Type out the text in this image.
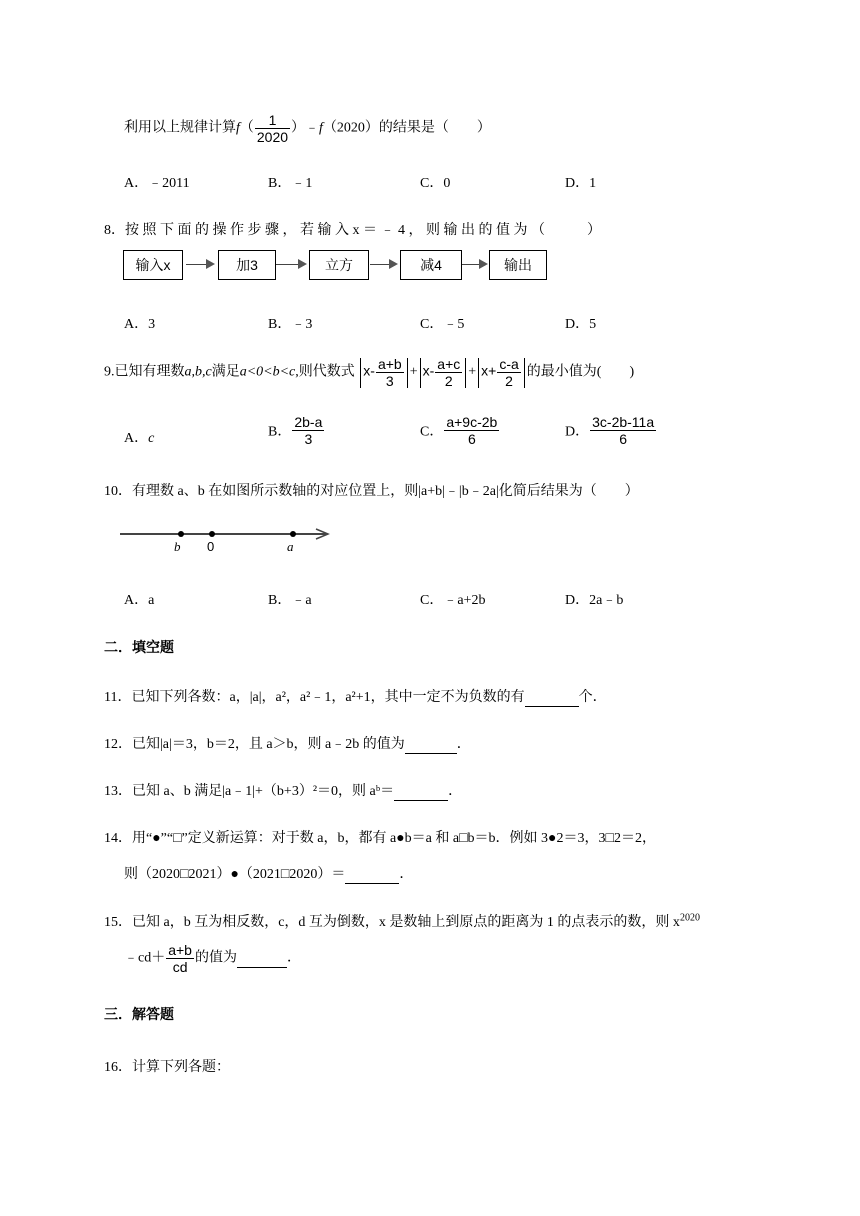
利用以上规律计算$f( \frac{1}{2020}$ ）﹣f（2020）的结果是（　　）
A．﹣2011	B．﹣1	C．0	D．1
8．按 照 下 面 的 操 作 步 骤 ， 若 输 入 x ＝ ﹣ 4 ， 则 输 出 的 值 为 （　　　）
输入x	加3	立方	减4	输出
A．3	B．﹣3	C．﹣5	D．5
9.已知有理数a,b,c满足a<0<b<c,则代数式 $x- \frac{a+b}{3} + x- \frac{a+c}{2} + x+ \frac{c-a}{2}$ 的最小值为(　　)
A．c	B． $\frac{2b-a}{3}$	C． $\frac{a+9c-2b}{6}$	D． $\frac{3c-2b-11a}{6}$
10．有理数 a、b 在如图所示数轴的对应位置上，则|a+b|﹣|b﹣2a|化简后结果为（　　）
b 0	a
A．a	B．﹣a	C．﹣a+2b	D．2a﹣b
二．填空题
11．已知下列各数：a，|a|，a²，a²﹣1，a²+1，其中一定不为负数的有	个．
12．已知|a|＝3，b＝2，且 a＞b，则 a﹣2b 的值为	．
13．已知 a、b 满足|a﹣1|+（b+3）²＝0，则 aᵇ＝	．
14．用“●”“□”定义新运算：对于数 a，b，都有 a●b＝a 和 a□b＝b．例如 3●2＝3，3□2＝2，
则（2020□2021）●（2021□2020）＝	．
15．已知 a，b 互为相反数，c，d 互为倒数，x 是数轴上到原点的距离为 1 的点表示的数，则 $x^{2020}$
﹣cd＋ $\frac{a+b}{cd}$ 的值为	．
三．解答题
16．计算下列各题：
